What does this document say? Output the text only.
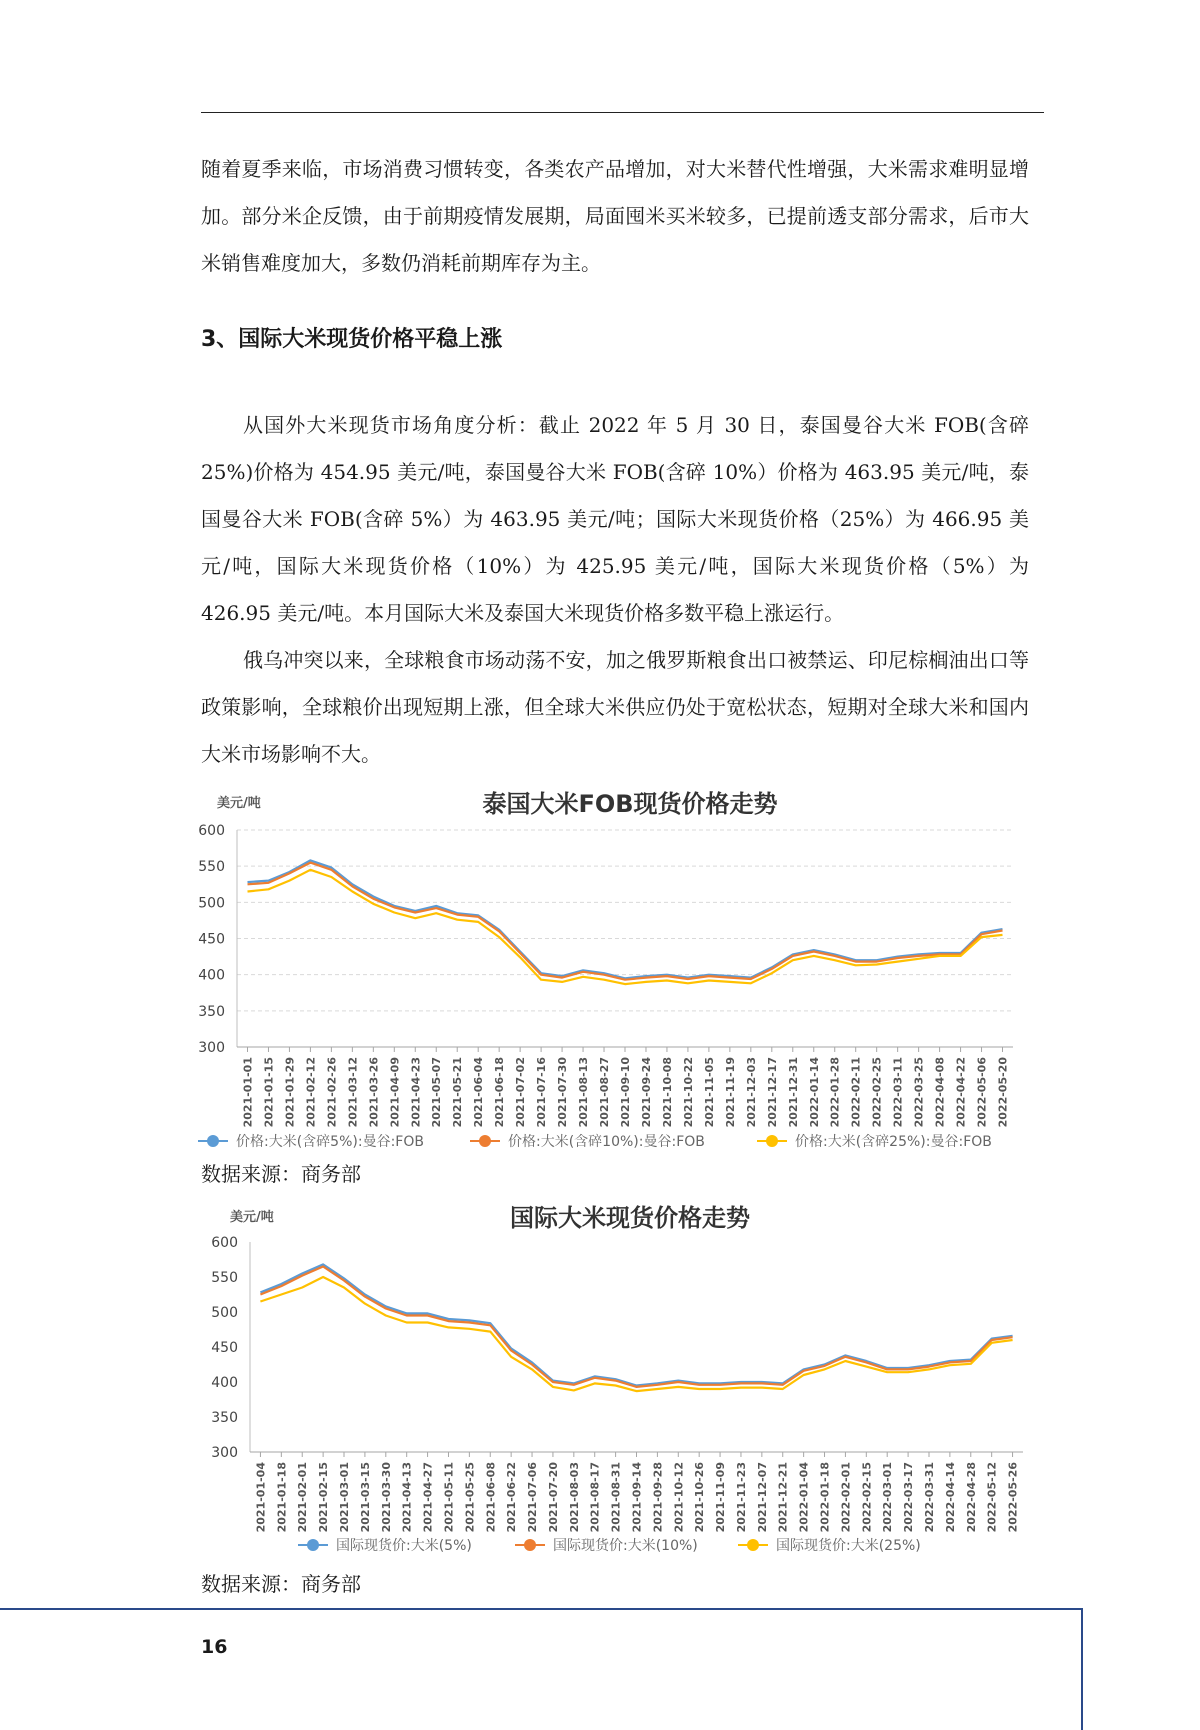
随着夏季来临，市场消费习惯转变，各类农产品增加，对大米替代性增强，大米需求难明显增加。部分米企反馈，由于前期疫情发展期，局面囤米买米较多，已提前透支部分需求，后市大米销售难度加大，多数仍消耗前期库存为主。

3、国际大米现货价格平稳上涨

从国外大米现货市场角度分析：截止 2022 年 5 月 30 日，泰国曼谷大米 FOB(含碎 25%)价格为 454.95 美元/吨，泰国曼谷大米 FOB(含碎 10%）价格为 463.95 美元/吨，泰国曼谷大米 FOB(含碎 5%）为 463.95 美元/吨；国际大米现货价格（25%）为 466.95 美元/吨，国际大米现货价格（10%）为 425.95 美元/吨，国际大米现货价格（5%）为 426.95 美元/吨。本月国际大米及泰国大米现货价格多数平稳上涨运行。

俄乌冲突以来，全球粮食市场动荡不安，加之俄罗斯粮食出口被禁运、印尼棕榈油出口等政策影响，全球粮价出现短期上涨，但全球大米供应仍处于宽松状态，短期对全球大米和国内大米市场影响不大。

泰国大米FOB现货价格走势
美元/吨
300
350
400
450
500
550
600
2021-01-01 2021-01-15 2021-01-29 2021-02-12 2021-02-26 2021-03-12 2021-03-26 2021-04-09 2021-04-23 2021-05-07 2021-05-21 2021-06-04 2021-06-18 2021-07-02 2021-07-16 2021-07-30 2021-08-13 2021-08-27 2021-09-10 2021-09-24 2021-10-08 2021-10-22 2021-11-05 2021-11-19 2021-12-03 2021-12-17 2021-12-31 2022-01-14 2022-01-28 2022-02-11 2022-02-25 2022-03-11 2022-03-25 2022-04-08 2022-04-22 2022-05-06 2022-05-20
价格:大米(含碎5%):曼谷:FOB	价格:大米(含碎10%):曼谷:FOB	价格:大米(含碎25%):曼谷:FOB

数据来源：商务部

国际大米现货价格走势
美元/吨
300
350
400
450
500
550
600
2021-01-04 2021-01-18 2021-02-01 2021-02-15 2021-03-01 2021-03-15 2021-03-30 2021-04-13 2021-04-27 2021-05-11 2021-05-25 2021-06-08 2021-06-22 2021-07-06 2021-07-20 2021-08-03 2021-08-17 2021-08-31 2021-09-14 2021-09-28 2021-10-12 2021-10-26 2021-11-09 2021-11-23 2021-12-07 2021-12-21 2022-01-04 2022-01-18 2022-02-01 2022-02-15 2022-03-01 2022-03-17 2022-03-31 2022-04-14 2022-04-28 2022-05-12 2022-05-26
国际现货价:大米(5%)	国际现货价:大米(10%)	国际现货价:大米(25%)

数据来源：商务部

16
